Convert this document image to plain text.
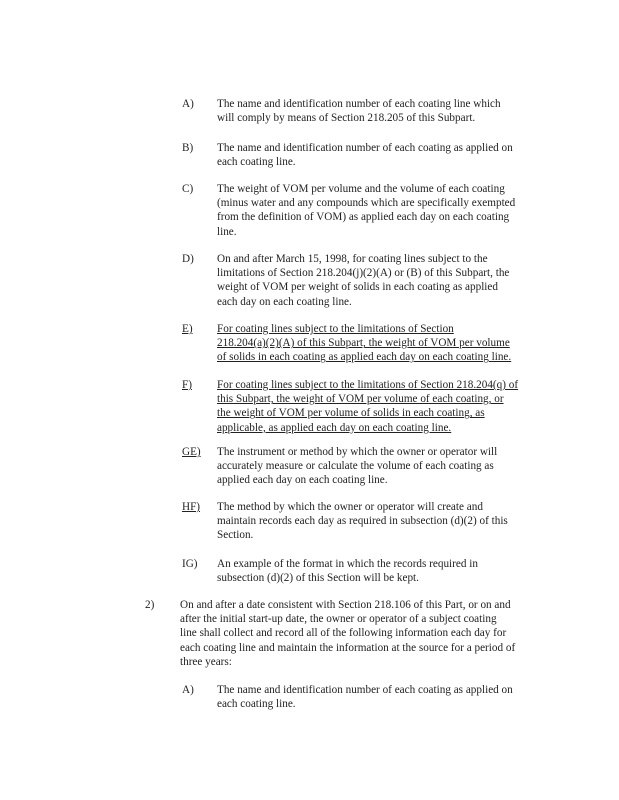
A) The name and identification number of each coating line which
will comply by means of Section 218.205 of this Subpart.
B) The name and identification number of each coating as applied on
each coating line.
C) The weight of VOM per volume and the volume of each coating
(minus water and any compounds which are specifically exempted
from the definition of VOM) as applied each day on each coating
line.
D) On and after March 15, 1998, for coating lines subject to the
limitations of Section 218.204(j)(2)(A) or (B) of this Subpart, the
weight of VOM per weight of solids in each coating as applied
each day on each coating line.
E) For coating lines subject to the limitations of Section
218.204(a)(2)(A) of this Subpart, the weight of VOM per volume
of solids in each coating as applied each day on each coating line.
F) For coating lines subject to the limitations of Section 218.204(q) of
this Subpart, the weight of VOM per volume of each coating, or
the weight of VOM per volume of solids in each coating, as
applicable, as applied each day on each coating line.
GE) The instrument or method by which the owner or operator will
accurately measure or calculate the volume of each coating as
applied each day on each coating line.
HF) The method by which the owner or operator will create and
maintain records each day as required in subsection (d)(2) of this
Section.
IG) An example of the format in which the records required in
subsection (d)(2) of this Section will be kept.
2) On and after a date consistent with Section 218.106 of this Part, or on and
after the initial start-up date, the owner or operator of a subject coating
line shall collect and record all of the following information each day for
each coating line and maintain the information at the source for a period of
three years:
A) The name and identification number of each coating as applied on
each coating line.
